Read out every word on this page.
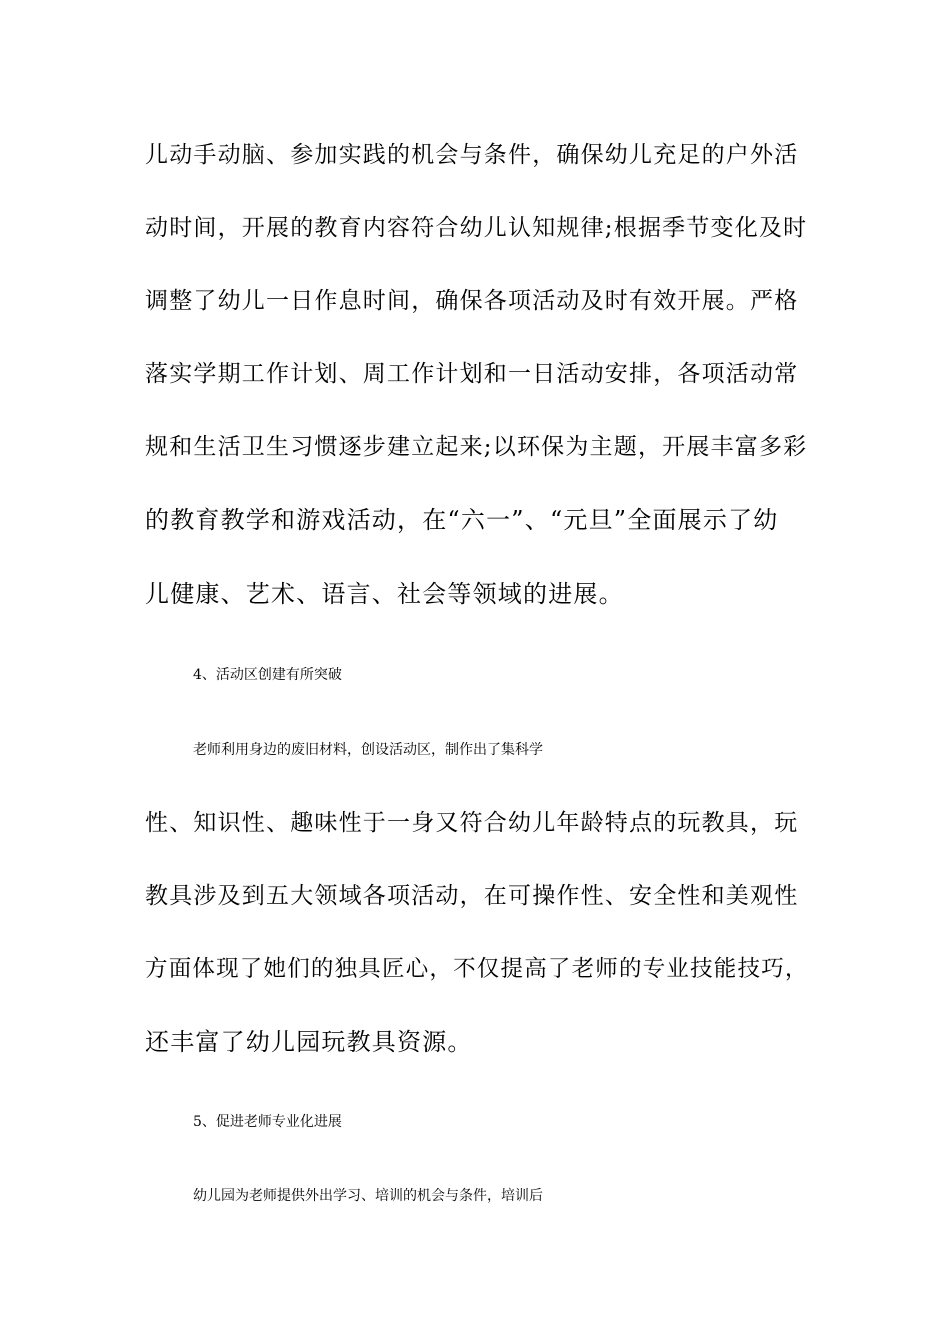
儿动手动脑、参加实践的机会与条件，确保幼儿充足的户外活
动时间，开展的教育内容符合幼儿认知规律;根据季节变化及时
调整了幼儿一日作息时间，确保各项活动及时有效开展。严格
落实学期工作计划、周工作计划和一日活动安排，各项活动常
规和生活卫生习惯逐步建立起来;以环保为主题，开展丰富多彩
的教育教学和游戏活动，在“六一”、“元旦”全面展示了幼
儿健康、艺术、语言、社会等领域的进展。
4、活动区创建有所突破
老师利用身边的废旧材料，创设活动区，制作出了集科学
性、知识性、趣味性于一身又符合幼儿年龄特点的玩教具，玩
教具涉及到五大领域各项活动，在可操作性、安全性和美观性
方面体现了她们的独具匠心，不仅提高了老师的专业技能技巧，
还丰富了幼儿园玩教具资源。
5、促进老师专业化进展
幼儿园为老师提供外出学习、培训的机会与条件，培训后
